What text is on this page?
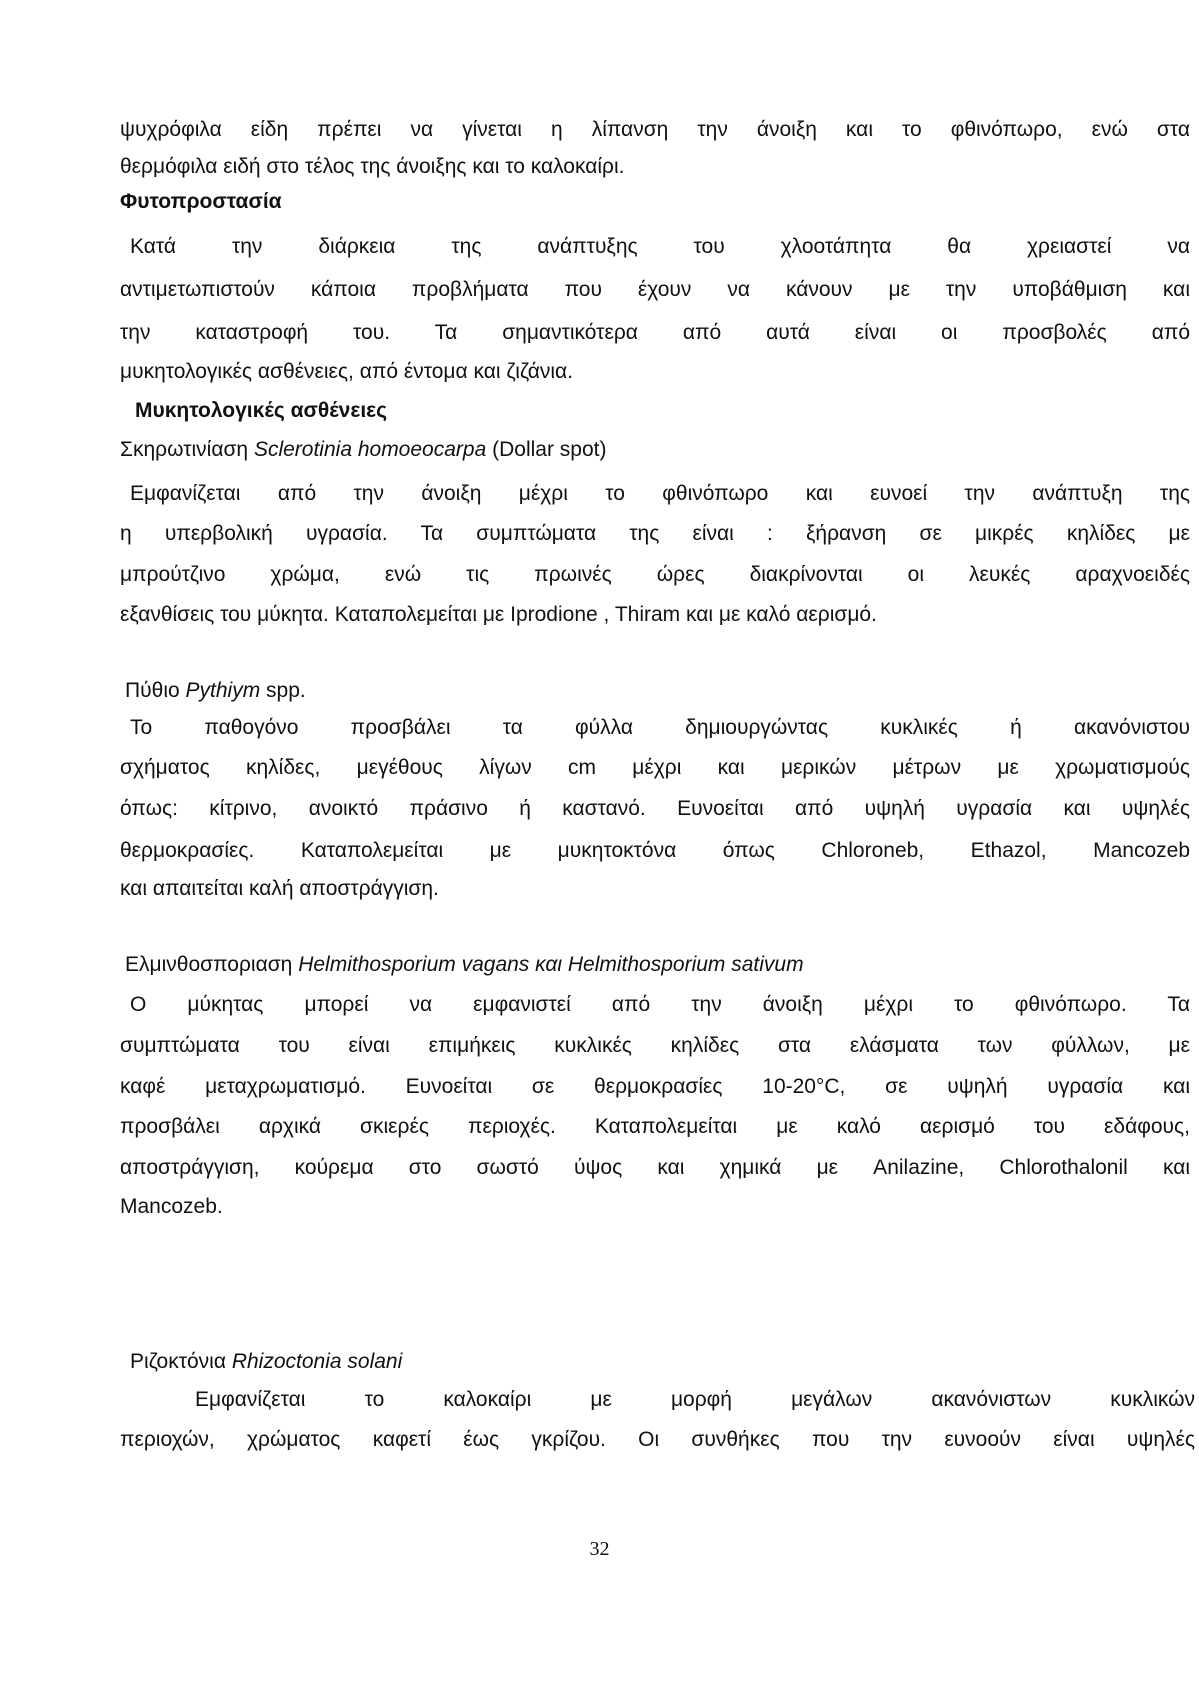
ψυχρόφιλα είδη πρέπει να γίνεται η λίπανση την άνοιξη και το φθινόπωρο, ενώ στα

θερμόφιλα ειδή στο τέλος της άνοιξης και το καλοκαίρι.

Φυτοπροστασία

Κατά την διάρκεια της ανάπτυξης του χλοοτάπητα θα χρειαστεί να

αντιμετωπιστούν κάποια προβλήματα που έχουν να κάνουν με την υποβάθμιση και

την καταστροφή του. Τα σημαντικότερα από αυτά είναι οι προσβολές από

μυκητολογικές ασθένειες, από έντομα και ζιζάνια.

Μυκητολογικές ασθένειες

Σκηρωτινίαση Sclerotinia homoeocarpa (Dollar spot)

Εμφανίζεται από την άνοιξη μέχρι το φθινόπωρο και ευνοεί την ανάπτυξη της

η υπερβολική υγρασία. Τα συμπτώματα της είναι : ξήρανση σε μικρές κηλίδες με

μπρούτζινο χρώμα, ενώ τις πρωινές ώρες διακρίνονται οι λευκές αραχνοειδές

εξανθίσεις του μύκητα. Καταπολεμείται με Iprodione , Thiram και με καλό αερισμό.

Πύθιο Pythiym spp.

Το παθογόνο προσβάλει τα φύλλα δημιουργώντας κυκλικές ή ακανόνιστου

σχήματος κηλίδες, μεγέθους λίγων cm μέχρι και μερικών μέτρων με χρωματισμούς

όπως: κίτρινο, ανοικτό πράσινο ή καστανό. Ευνοείται από υψηλή υγρασία και υψηλές

θερμοκρασίες. Καταπολεμείται με μυκητοκτόνα όπως Chloroneb, Ethazol, Mancozeb

και απαιτείται καλή αποστράγγιση.

Ελμινθοσποριαση Helmithosporium vagans και Helmithosporium sativum

Ο μύκητας μπορεί να εμφανιστεί από την άνοιξη μέχρι το φθινόπωρο. Τα

συμπτώματα του είναι επιμήκεις κυκλικές κηλίδες στα ελάσματα των φύλλων, με

καφέ μεταχρωματισμό. Ευνοείται σε θερμοκρασίες 10-20°C, σε υψηλή υγρασία και

προσβάλει αρχικά σκιερές περιοχές. Καταπολεμείται με καλό αερισμό του εδάφους,

αποστράγγιση, κούρεμα στο σωστό ύψος και χημικά με Anilazine, Chlorothalonil και

Mancozeb.

Ριζοκτόνια Rhizoctonia solani

Εμφανίζεται το καλοκαίρι με μορφή μεγάλων ακανόνιστων κυκλικών

περιοχών, χρώματος καφετί έως γκρίζου. Οι συνθήκες που την ευνοούν είναι υψηλές

32
